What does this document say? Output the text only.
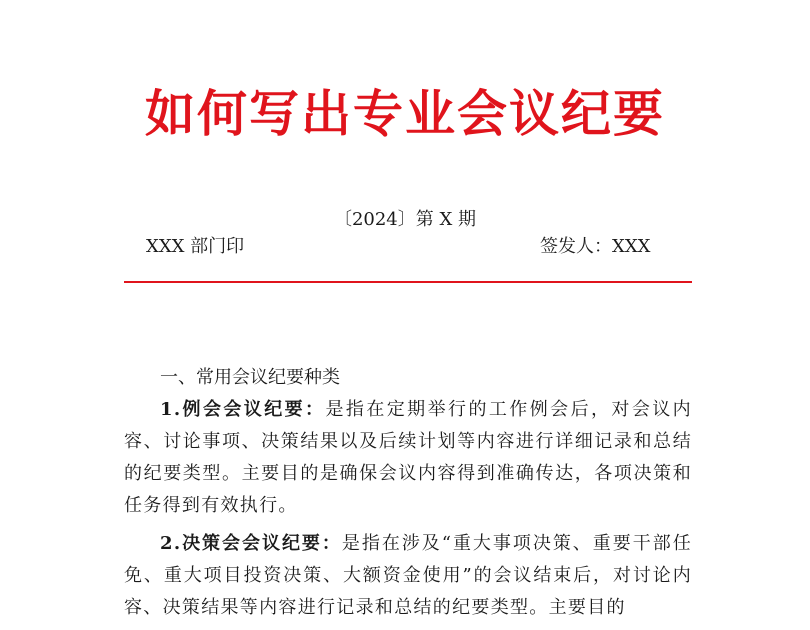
如何写出专业会议纪要
〔2024〕第 X 期
XXX 部门印	签发人：XXX

一、常用会议纪要种类

1.例会会议纪要：是指在定期举行的工作例会后，对会议内容、讨论事项、决策结果以及后续计划等内容进行详细记录和总结的纪要类型。主要目的是确保会议内容得到准确传达，各项决策和任务得到有效执行。

2.决策会会议纪要：是指在涉及“重大事项决策、重要干部任免、重大项目投资决策、大额资金使用”的会议结束后，对讨论内容、决策结果等内容进行记录和总结的纪要类型。主要目的
